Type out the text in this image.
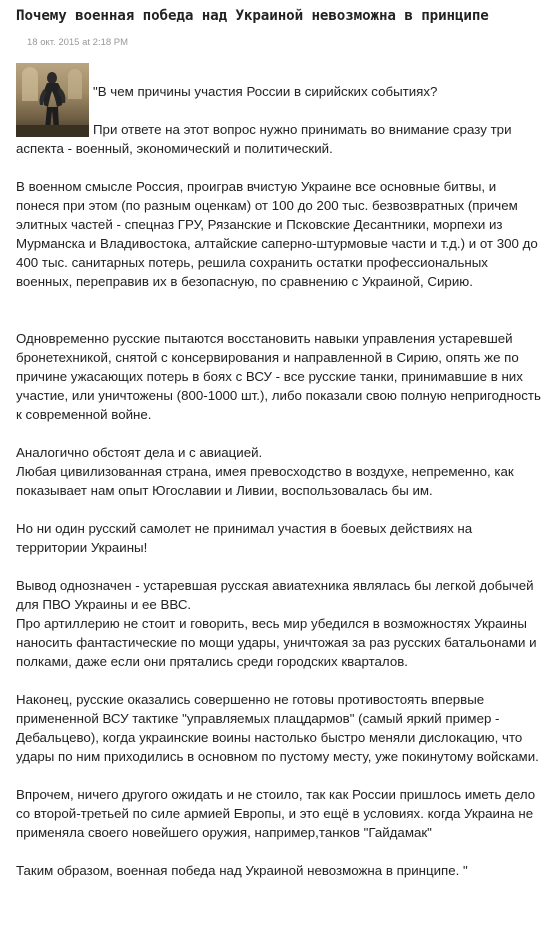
Почему военная победа над Украиной невозможна в принципе
18 окт. 2015 at 2:18 PM

"В чем причины участия России в сирийских событиях?

При ответе на этот вопрос нужно принимать во внимание сразу три аспекта - военный, экономический и политический.

В военном смысле Россия, проиграв вчистую Украине все основные битвы, и понеся при этом (по разным оценкам) от 100 до 200 тыс. безвозвратных (причем элитных частей - спецназ ГРУ, Рязанские и Псковские Десантники, морпехи из Мурманска и Владивостока, алтайские саперно-штурмовые части и т.д.) и от 300 до 400 тыс. санитарных потерь, решила сохранить остатки профессиональных военных, переправив их в безопасную, по сравнению с Украиной, Сирию.

Одновременно русские пытаются восстановить навыки управления устаревшей бронетехникой, снятой с консервирования и направленной в Сирию, опять же по причине ужасающих потерь в боях с ВСУ - все русские танки, принимавшие в них участие, или уничтожены (800-1000 шт.), либо показали свою полную непригодность к современной войне.

Аналогично обстоят дела и с авиацией.
Любая цивилизованная страна, имея превосходство в воздухе, непременно, как показывает нам опыт Югославии и Ливии, воспользовалась бы им.

Но ни один русский самолет не принимал участия в боевых действиях на территории Украины!

Вывод однозначен - устаревшая русская авиатехника являлась бы легкой добычей для ПВО Украины и ее ВВС.
Про артиллерию не стоит и говорить, весь мир убедился в возможностях Украины наносить фантастические по мощи удары, уничтожая за раз русских батальонами и полками, даже если они прятались среди городских кварталов.

Наконец, русские оказались совершенно не готовы противостоять впервые примененной ВСУ тактике "управляемых плацдармов" (самый яркий пример - Дебальцево), когда украинские воины настолько быстро меняли дислокацию, что удары по ним приходились в основном по пустому месту, уже покинутому войсками.

Впрочем, ничего другого ожидать и не стоило, так как России пришлось иметь дело со второй-третьей по силе армией Европы, и это ещё в условиях. когда Украина не применяла своего новейшего оружия, например,танков "Гайдамак"

Таким образом, военная победа над Украиной невозможна в принципе. "
